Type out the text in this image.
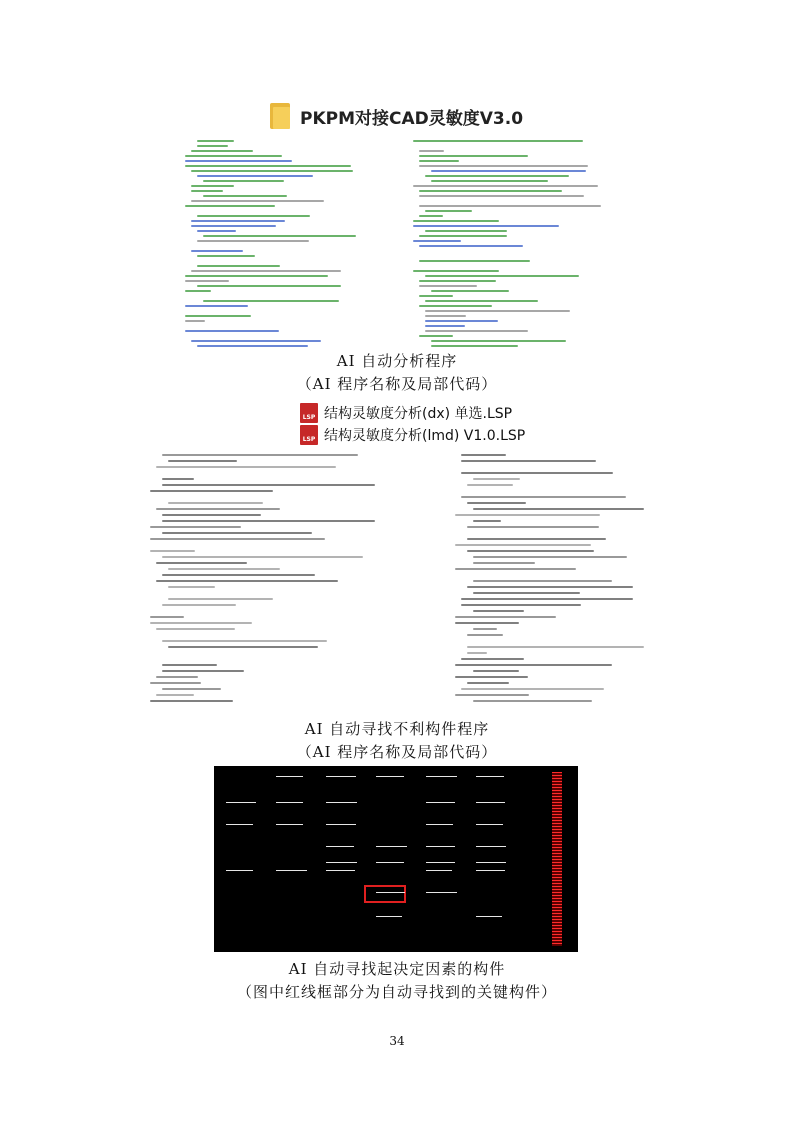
PKPM对接CAD灵敏度V3.0
AI 自动分析程序
（AI 程序名称及局部代码）
LSP 结构灵敏度分析(dx) 单选.LSP
LSP 结构灵敏度分析(lmd) V1.0.LSP
AI 自动寻找不利构件程序
（AI 程序名称及局部代码）
AI 自动寻找起决定因素的构件
（图中红线框部分为自动寻找到的关键构件）
34
